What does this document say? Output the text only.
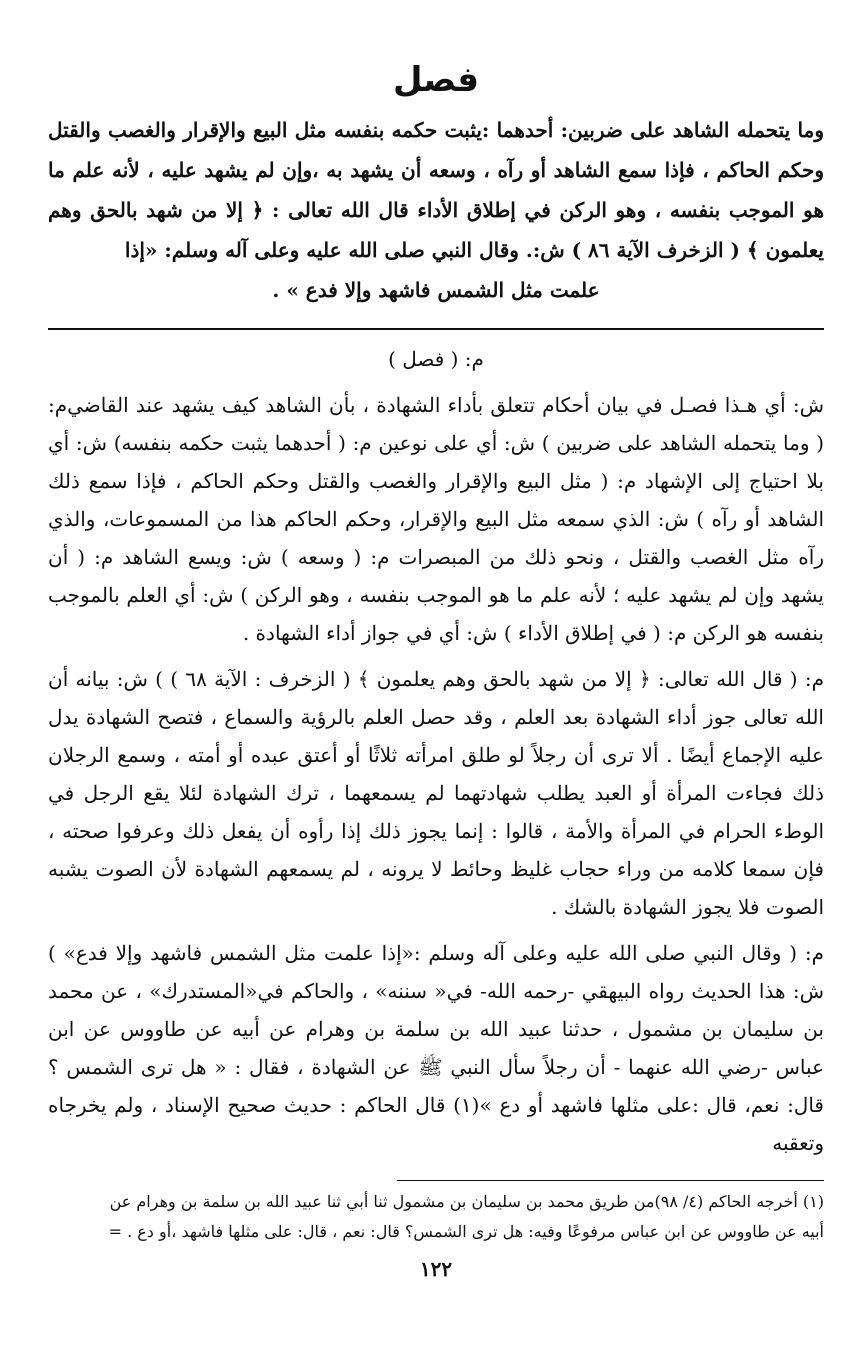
فصل

وما يتحمله الشاهد على ضربين: أحدهما :يثبت حكمه بنفسه مثل البيع والإقرار والغصب والقتل وحكم الحاكم ، فإذا سمع الشاهد أو رآه ، وسعه أن يشهد به ،وإن لم يشهد عليه ، لأنه علم ما هو الموجب بنفسه ، وهو الركن في إطلاق الأداء قال الله تعالى : ﴿ إلا من شهد بالحق وهم يعلمون ﴾ ( الزخرف الآية ٨٦ ) ش:. وقال النبي صلى الله عليه وعلى آله وسلم: «إذا

علمت مثل الشمس فاشهد وإلا فدع » .

م: ( فصل )

ش: أي هـذا فصـل في بيان أحكام تتعلق بأداء الشهادة ، بأن الشاهد كيف يشهد عند القاضي‌م: ( وما يتحمله الشاهد على ضربين ) ش: أي على نوعين م: ( أحدهما يثبت حكمه بنفسه) ش: أي بلا احتياج إلى الإشهاد م: ( مثل البيع والإقرار والغصب والقتل وحكم الحاكم ، فإذا سمع ذلك الشاهد أو رآه ) ش: الذي سمعه مثل البيع والإقرار، وحكم الحاكم هذا من المسموعات، والذي رآه مثل الغصب والقتل ، ونحو ذلك من المبصرات م: ( وسعه ) ش: ويسع الشاهد م: ( أن يشهد وإن لم يشهد عليه ؛ لأنه علم ما هو الموجب بنفسه ، وهو الركن ) ش: أي العلم بالموجب بنفسه هو الركن م: ( في إطلاق الأداء ) ش: أي في جواز أداء الشهادة .

م: ( قال الله تعالى: ﴿ إلا من شهد بالحق وهم يعلمون ﴾ ( الزخرف : الآية ٦٨ ) ) ش: بيانه أن الله تعالى جوز أداء الشهادة بعد العلم ، وقد حصل العلم بالرؤية والسماع ، فتصح الشهادة يدل عليه الإجماع أيضًا . ألا ترى أن رجلاً لو طلق امرأته ثلاثًا أو أعتق عبده أو أمته ، وسمع الرجلان ذلك فجاءت المرأة أو العبد يطلب شهادتهما لم يسمعهما ، ترك الشهادة لئلا يقع الرجل في الوطء الحرام في المرأة والأمة ، قالوا : إنما يجوز ذلك إذا رأوه أن يفعل ذلك وعرفوا صحته ، فإن سمعا كلامه من وراء حجاب غليظ وحائط لا يرونه ، لم يسمعهم الشهادة لأن الصوت يشبه الصوت فلا يجوز الشهادة بالشك .

م: ( وقال النبي صلى الله عليه وعلى آله وسلم :«إذا علمت مثل الشمس فاشهد وإلا فدع» ) ش: هذا الحديث رواه البيهقي -رحمه الله- في« سننه» ، والحاكم في«المستدرك» ، عن محمد بن سليمان بن مشمول ، حدثنا عبيد الله بن سلمة بن وهرام عن أبيه عن طاووس عن ابن عباس -رضي الله عنهما - أن رجلاً سأل النبي ﷺ عن الشهادة ، فقال : « هل ترى الشمس ؟ قال: نعم، قال :على مثلها فاشهد أو دع »(١) قال الحاكم : حديث صحيح الإسناد ، ولم يخرجاه وتعقبه

(١) أخرجه الحاكم (٤/ ٩٨)من طريق محمد بن سليمان بن مشمول ثنا أبي ثنا عبيد الله بن سلمة بن وهرام عن
أبيه عن طاووس عن ابن عباس مرفوعًا وفيه: هل ترى الشمس؟ قال: نعم ، قال: على مثلها فاشهد ،أو دع . =
١٢٢
